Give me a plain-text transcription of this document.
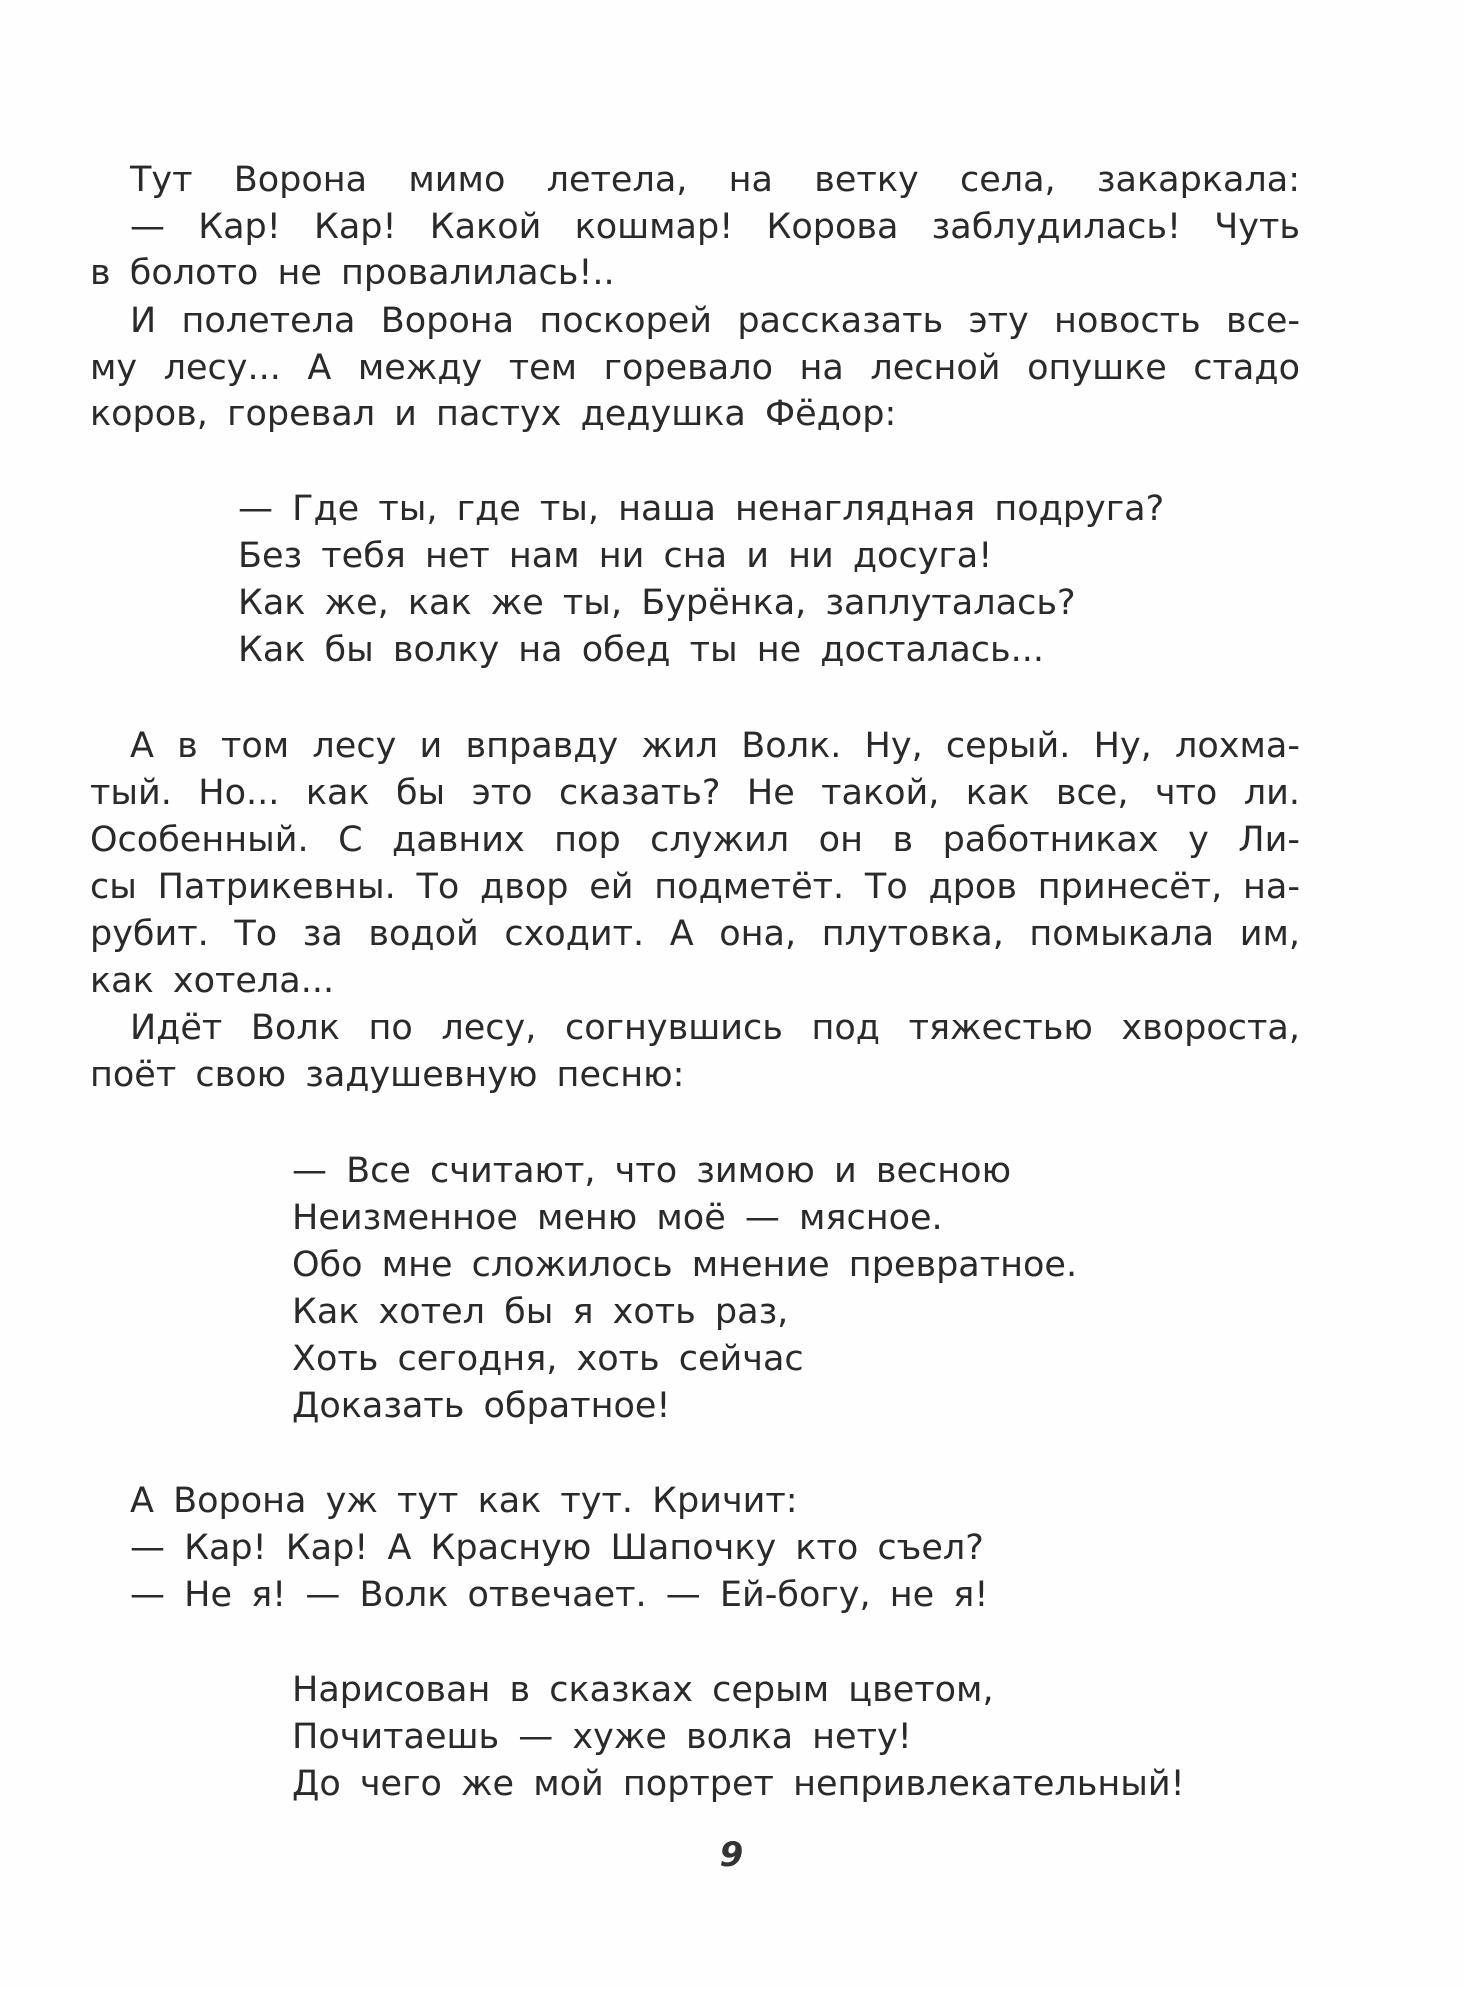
Тут Ворона мимо летела, на ветку села, закаркала:
— Кар! Кар! Какой кошмар! Корова заблудилась! Чуть
в болото не провалилась!..
И полетела Ворона поскорей рассказать эту новость все-
му лесу... А между тем горевало на лесной опушке стадо
коров, горевал и пастух дедушка Фёдор:
— Где ты, где ты, наша ненаглядная подруга?
Без тебя нет нам ни сна и ни досуга!
Как же, как же ты, Бурёнка, заплуталась?
Как бы волку на обед ты не досталась...
А в том лесу и вправду жил Волк. Ну, серый. Ну, лохма-
тый. Но... как бы это сказать? Не такой, как все, что ли.
Особенный. С давних пор служил он в работниках у Ли-
сы Патрикевны. То двор ей подметёт. То дров принесёт, на-
рубит. То за водой сходит. А она, плутовка, помыкала им,
как хотела...
Идёт Волк по лесу, согнувшись под тяжестью хвороста,
поёт свою задушевную песню:
— Все считают, что зимою и весною
Неизменное меню моё — мясное.
Обо мне сложилось мнение превратное.
Как хотел бы я хоть раз,
Хоть сегодня, хоть сейчас
Доказать обратное!
А Ворона уж тут как тут. Кричит:
— Кар! Кар! А Красную Шапочку кто съел?
— Не я! — Волк отвечает. — Ей-богу, не я!
Нарисован в сказках серым цветом,
Почитаешь — хуже волка нету!
До чего же мой портрет непривлекательный!
9
